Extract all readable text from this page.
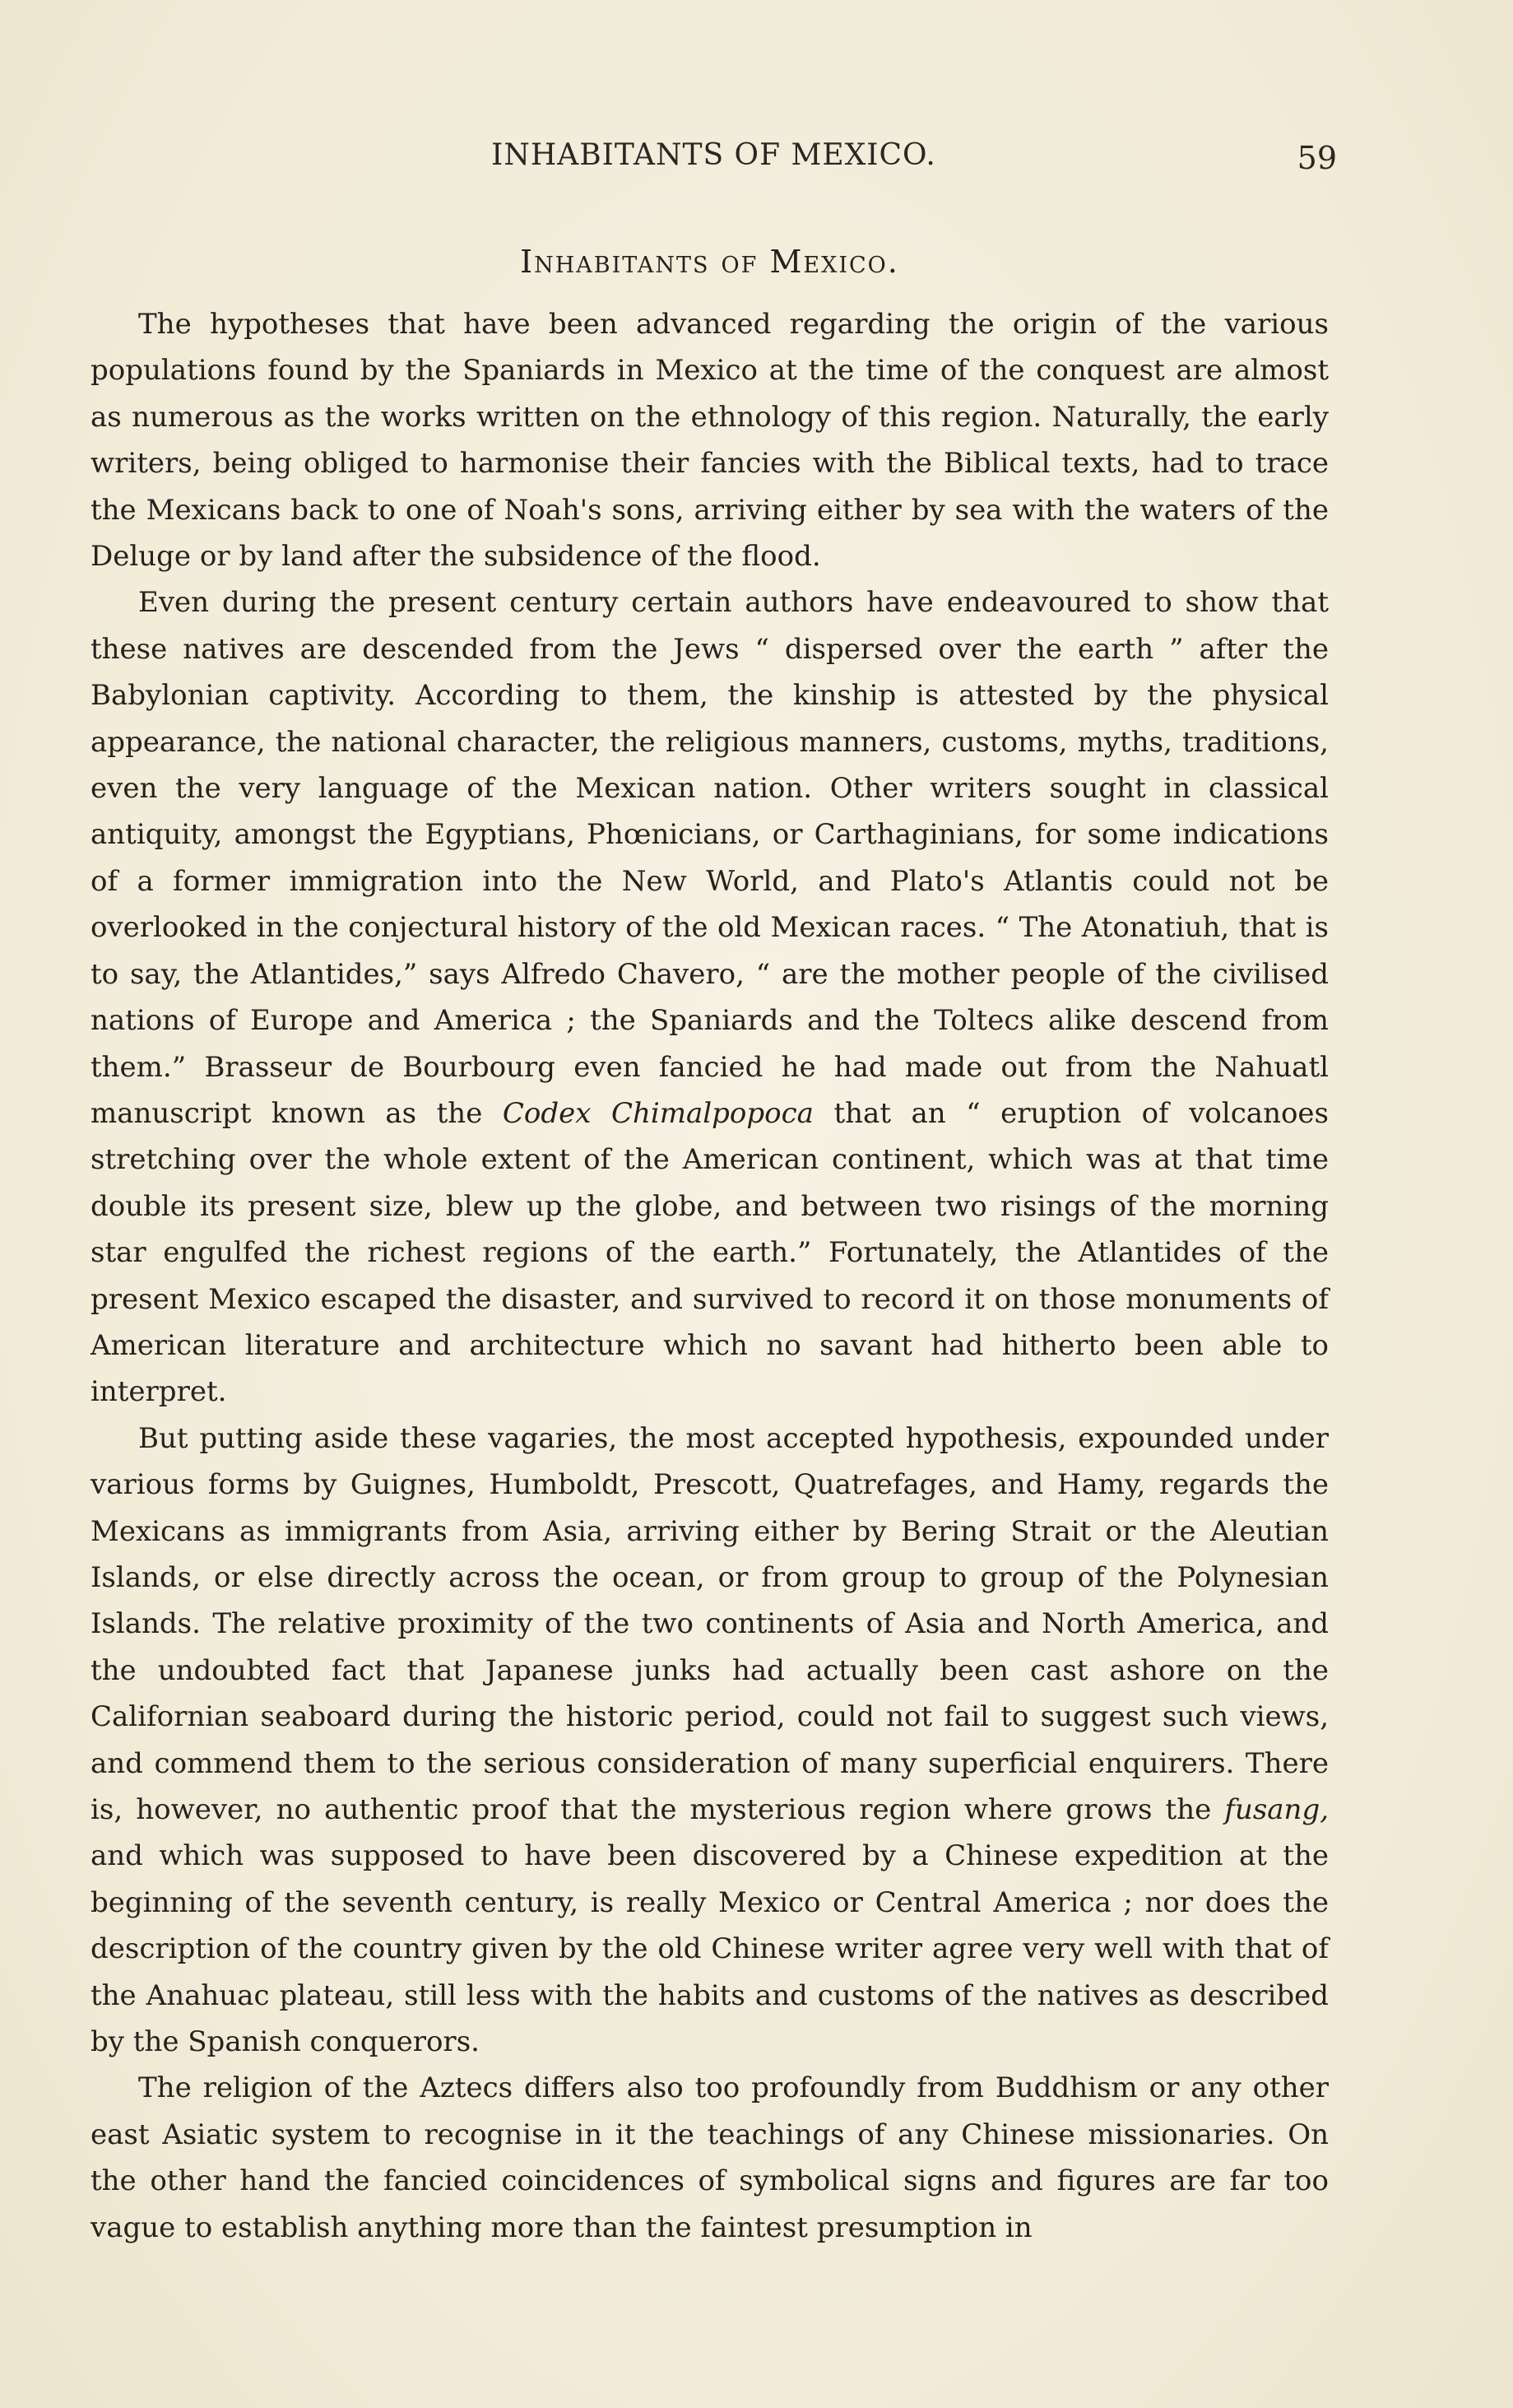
INHABITANTS OF MEXICO.	59
Inhabitants of Mexico.

The hypotheses that have been advanced regarding the origin of the various populations found by the Spaniards in Mexico at the time of the conquest are almost as numerous as the works written on the ethnology of this region. Naturally, the early writers, being obliged to harmonise their fancies with the Biblical texts, had to trace the Mexicans back to one of Noah's sons, arriving either by sea with the waters of the Deluge or by land after the subsidence of the flood.

Even during the present century certain authors have endeavoured to show that these natives are descended from the Jews “ dispersed over the earth ” after the Babylonian captivity. According to them, the kinship is attested by the physical appearance, the national character, the religious manners, customs, myths, traditions, even the very language of the Mexican nation. Other writers sought in classical antiquity, amongst the Egyptians, Phœnicians, or Carthaginians, for some indications of a former immigration into the New World, and Plato's Atlantis could not be overlooked in the conjectural history of the old Mexican races. “ The Atonatiuh, that is to say, the Atlantides,” says Alfredo Chavero, “ are the mother people of the civilised nations of Europe and America ; the Spaniards and the Toltecs alike descend from them.” Brasseur de Bourbourg even fancied he had made out from the Nahuatl manuscript known as the Codex Chimalpopoca that an “ eruption of volcanoes stretching over the whole extent of the American continent, which was at that time double its present size, blew up the globe, and between two risings of the morning star engulfed the richest regions of the earth.” Fortunately, the Atlantides of the present Mexico escaped the disaster, and survived to record it on those monuments of American literature and architecture which no savant had hitherto been able to interpret.

But putting aside these vagaries, the most accepted hypothesis, expounded under various forms by Guignes, Humboldt, Prescott, Quatrefages, and Hamy, regards the Mexicans as immigrants from Asia, arriving either by Bering Strait or the Aleutian Islands, or else directly across the ocean, or from group to group of the Polynesian Islands. The relative proximity of the two continents of Asia and North America, and the undoubted fact that Japanese junks had actually been cast ashore on the Californian seaboard during the historic period, could not fail to suggest such views, and commend them to the serious consideration of many superficial enquirers. There is, however, no authentic proof that the mysterious region where grows the fusang, and which was supposed to have been discovered by a Chinese expedition at the beginning of the seventh century, is really Mexico or Central America ; nor does the description of the country given by the old Chinese writer agree very well with that of the Anahuac plateau, still less with the habits and customs of the natives as described by the Spanish conquerors.

The religion of the Aztecs differs also too profoundly from Buddhism or any other east Asiatic system to recognise in it the teachings of any Chinese missionaries. On the other hand the fancied coincidences of symbolical signs and figures are far too vague to establish anything more than the faintest presumption in
